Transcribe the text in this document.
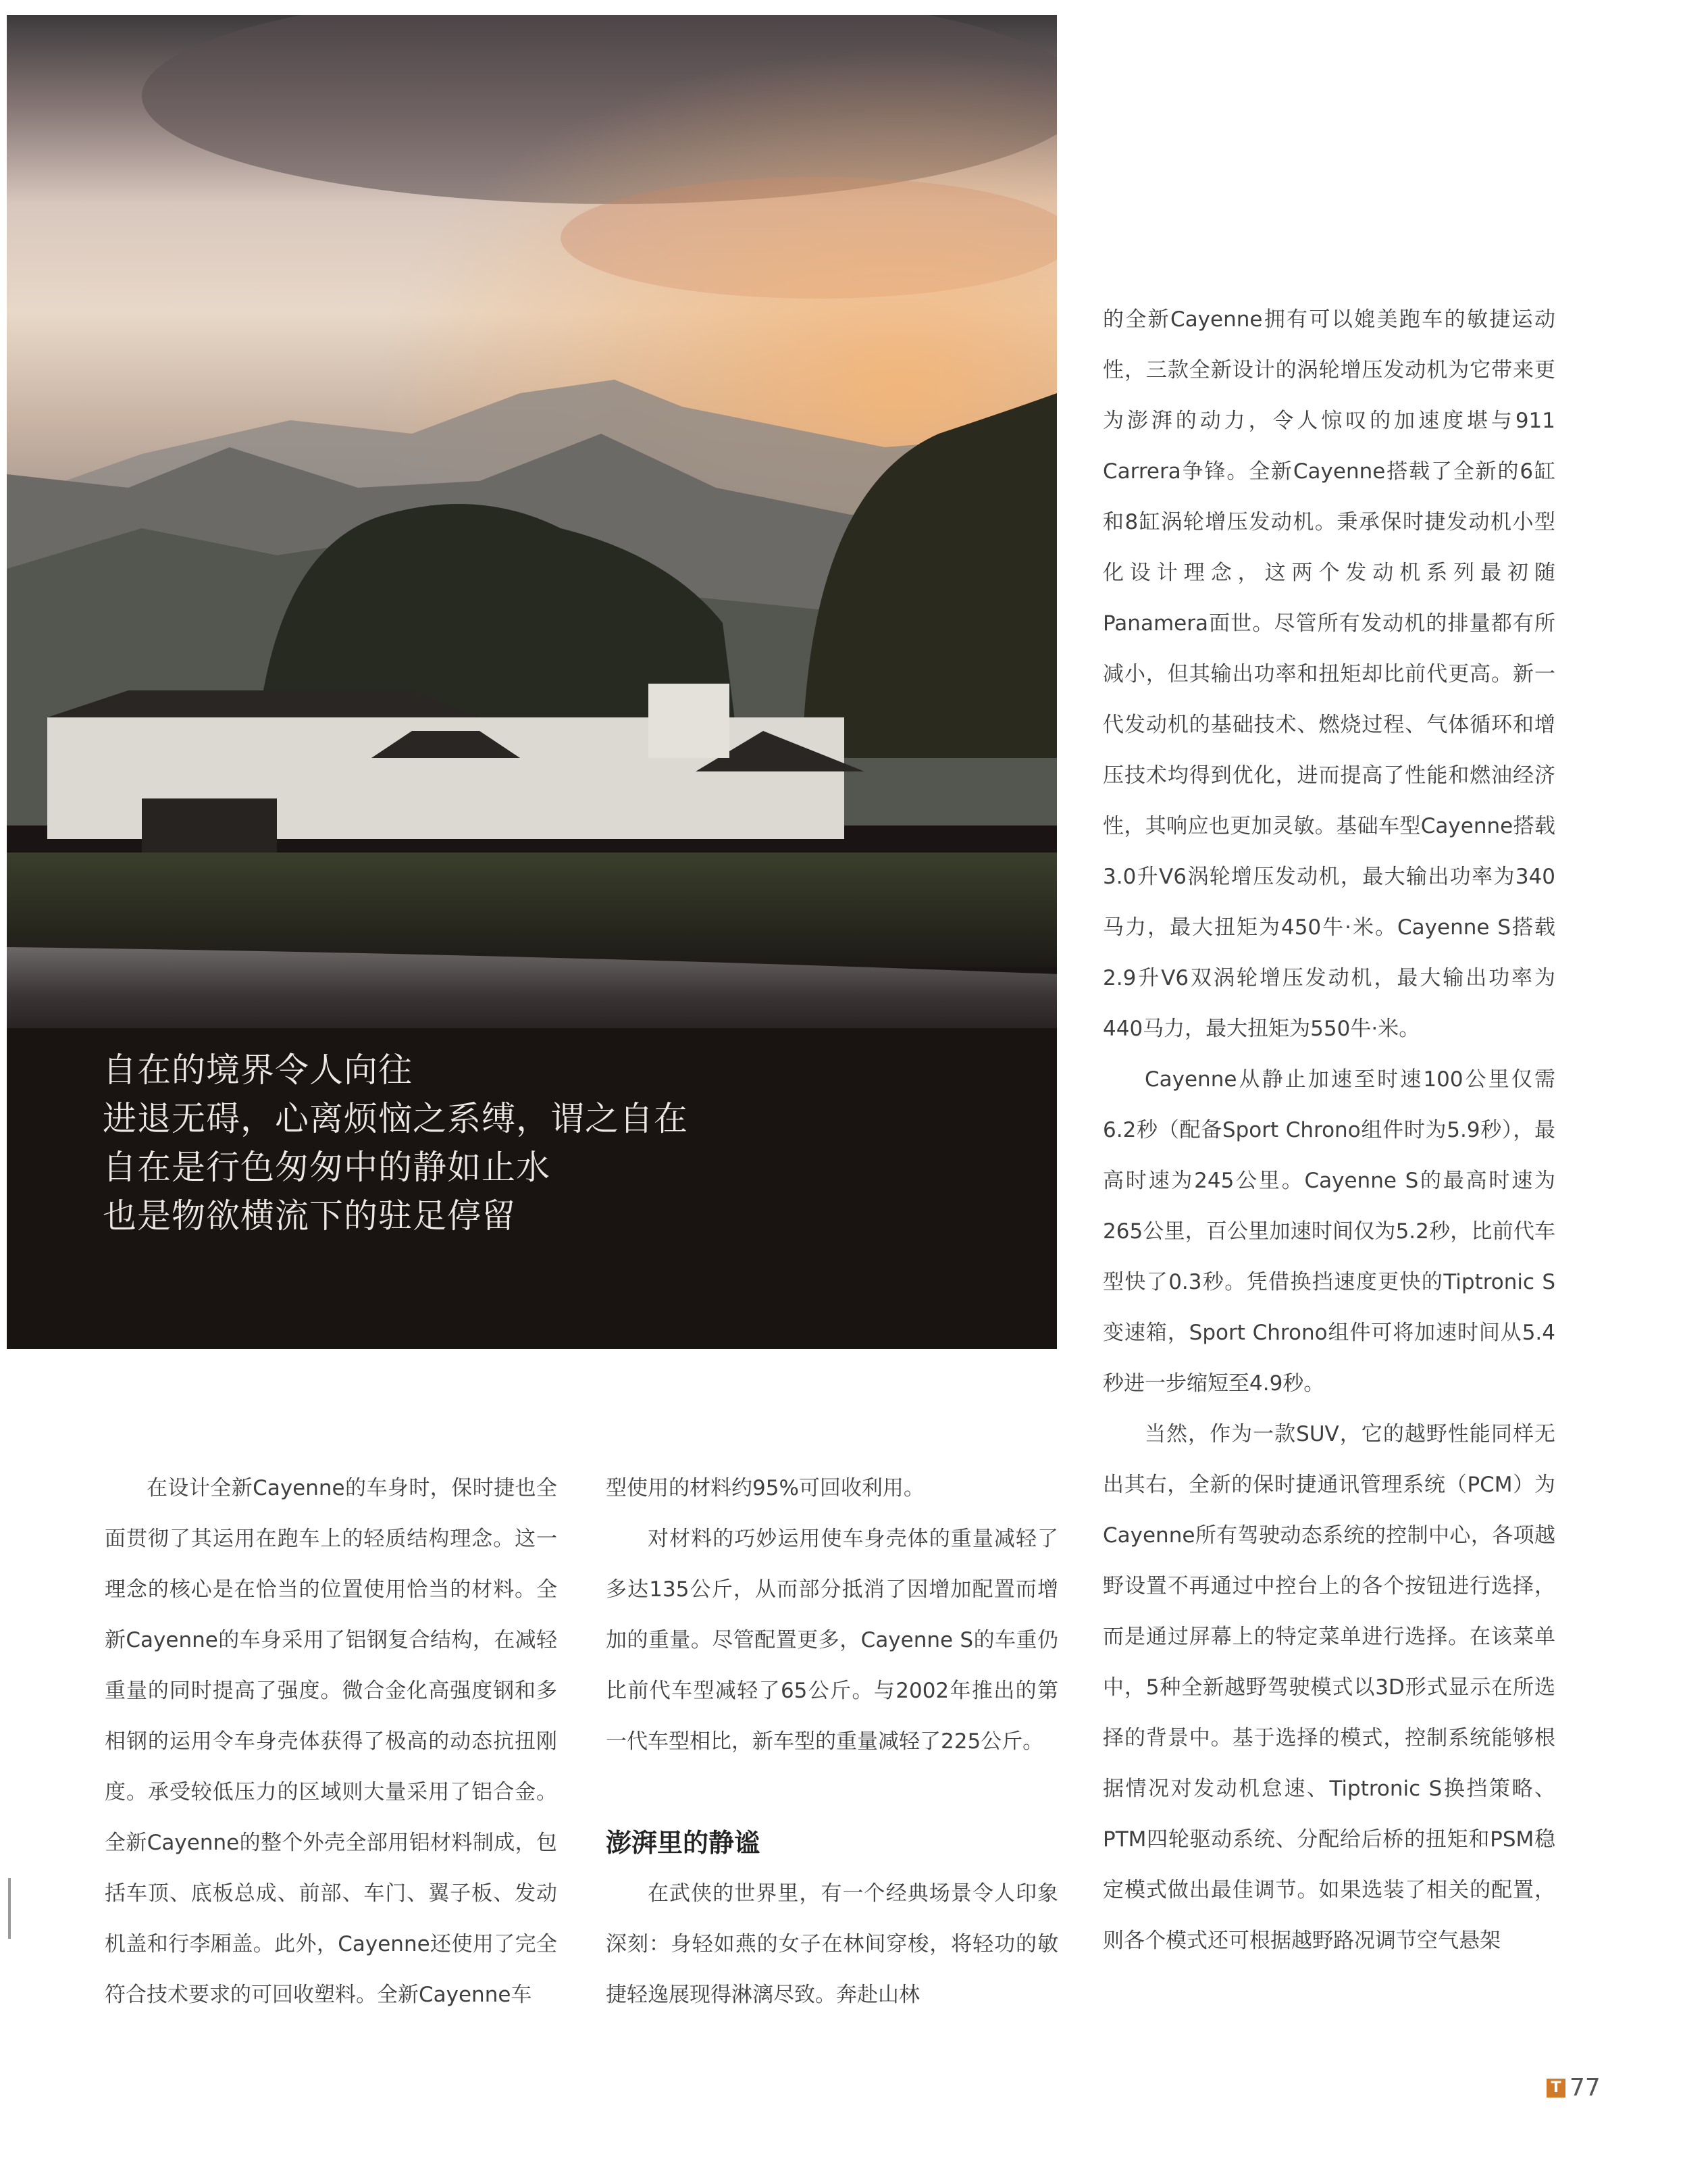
自在的境界令人向往
进退无碍，心离烦恼之系缚，谓之自在
自在是行色匆匆中的静如止水
也是物欲横流下的驻足停留

的全新Cayenne拥有可以媲美跑车的敏捷运动性，三款全新设计的涡轮增压发动机为它带来更为澎湃的动力，令人惊叹的加速度堪与911 Carrera争锋。全新Cayenne搭载了全新的6缸和8缸涡轮增压发动机。秉承保时捷发动机小型化设计理念，这两个发动机系列最初随Panamera面世。尽管所有发动机的排量都有所减小，但其输出功率和扭矩却比前代更高。新一代发动机的基础技术、燃烧过程、气体循环和增压技术均得到优化，进而提高了性能和燃油经济性，其响应也更加灵敏。基础车型Cayenne搭载3.0升V6涡轮增压发动机，最大输出功率为340马力，最大扭矩为450牛·米。Cayenne S搭载2.9升V6双涡轮增压发动机，最大输出功率为440马力，最大扭矩为550牛·米。

Cayenne从静止加速至时速100公里仅需6.2秒（配备Sport Chrono组件时为5.9秒），最高时速为245公里。Cayenne S的最高时速为265公里，百公里加速时间仅为5.2秒，比前代车型快了0.3秒。凭借换挡速度更快的Tiptronic S变速箱，Sport Chrono组件可将加速时间从5.4秒进一步缩短至4.9秒。

当然，作为一款SUV，它的越野性能同样无出其右，全新的保时捷通讯管理系统（PCM）为Cayenne所有驾驶动态系统的控制中心，各项越野设置不再通过中控台上的各个按钮进行选择，而是通过屏幕上的特定菜单进行选择。在该菜单中，5种全新越野驾驶模式以3D形式显示在所选择的背景中。基于选择的模式，控制系统能够根据情况对发动机怠速、Tiptronic S换挡策略、PTM四轮驱动系统、分配给后桥的扭矩和PSM稳定模式做出最佳调节。如果选装了相关的配置，则各个模式还可根据越野路况调节空气悬架

在设计全新Cayenne的车身时，保时捷也全面贯彻了其运用在跑车上的轻质结构理念。这一理念的核心是在恰当的位置使用恰当的材料。全新Cayenne的车身采用了铝钢复合结构，在减轻重量的同时提高了强度。微合金化高强度钢和多相钢的运用令车身壳体获得了极高的动态抗扭刚度。承受较低压力的区域则大量采用了铝合金。全新Cayenne的整个外壳全部用铝材料制成，包括车顶、底板总成、前部、车门、翼子板、发动机盖和行李厢盖。此外，Cayenne还使用了完全符合技术要求的可回收塑料。全新Cayenne车

型使用的材料约95%可回收利用。

对材料的巧妙运用使车身壳体的重量减轻了多达135公斤，从而部分抵消了因增加配置而增加的重量。尽管配置更多，Cayenne S的车重仍比前代车型减轻了65公斤。与2002年推出的第一代车型相比，新车型的重量减轻了225公斤。

澎湃里的静谧

在武侠的世界里，有一个经典场景令人印象深刻：身轻如燕的女子在林间穿梭，将轻功的敏捷轻逸展现得淋漓尽致。奔赴山林

T 77
